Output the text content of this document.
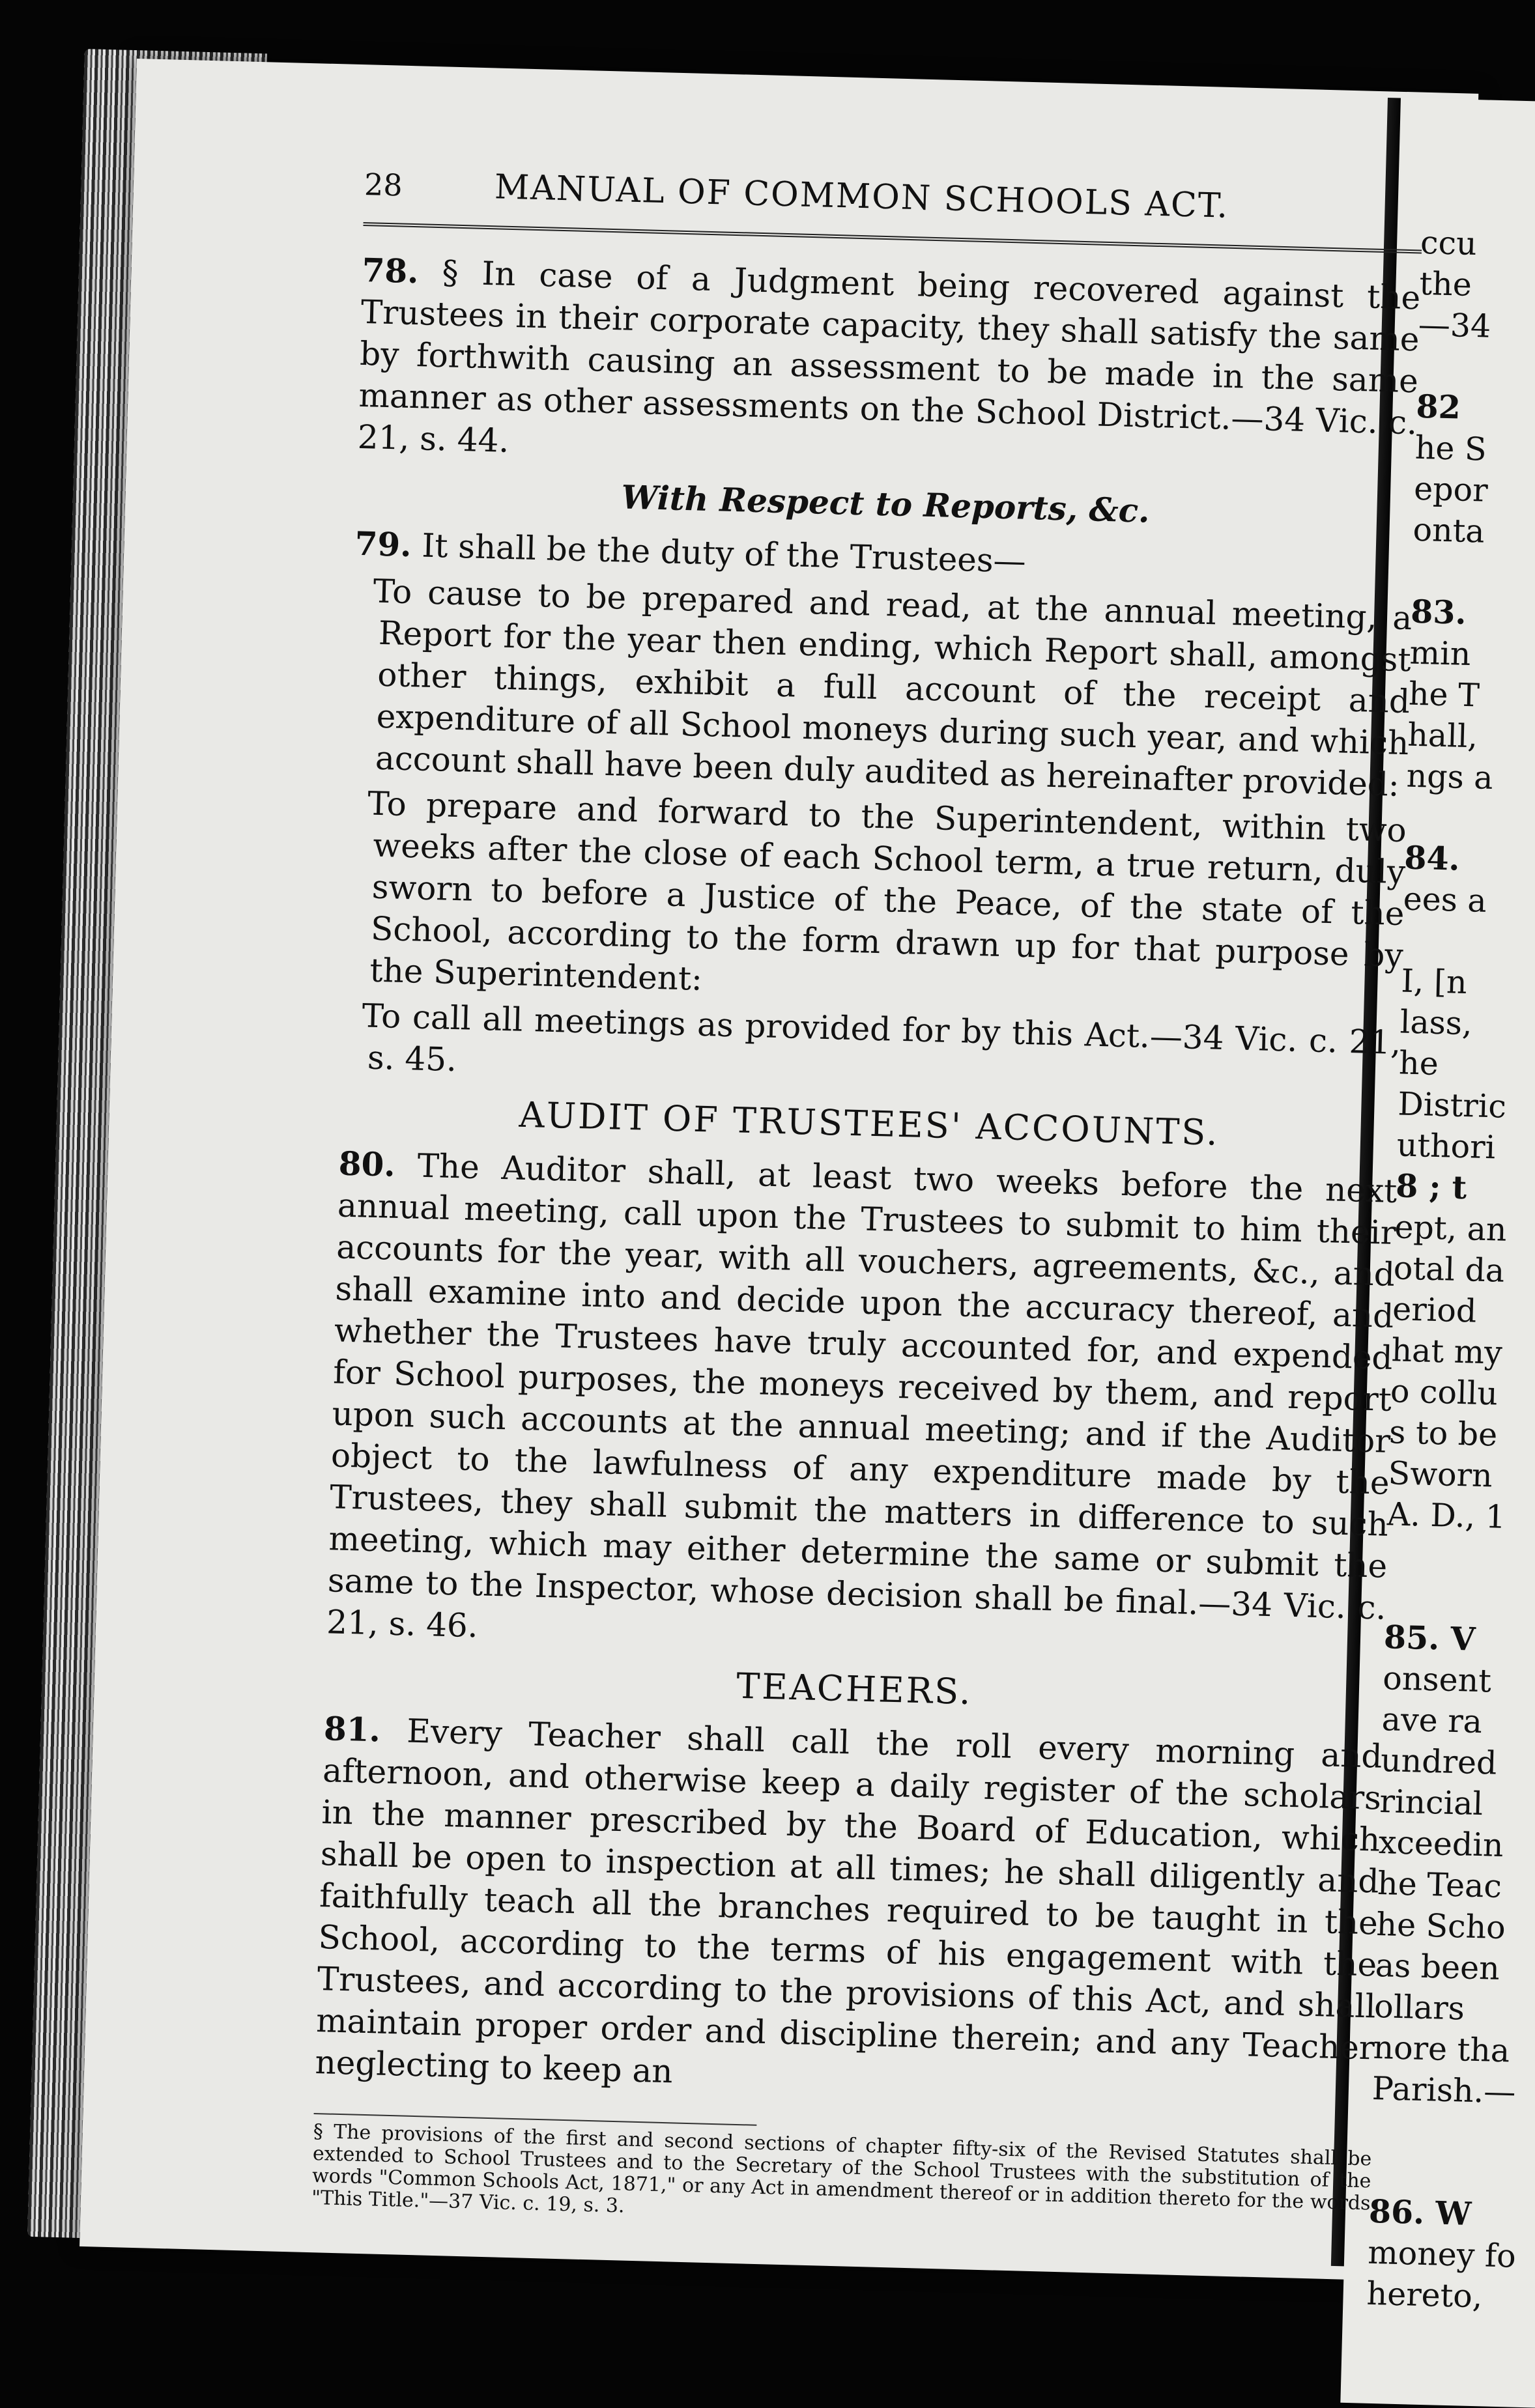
ccu
the
—34

82
he S
epor
onta

83.
min
he T
hall,
ngs a

84.
ees a

I, [n
lass,
he
Distric
uthori
8 ; t
ept, an
otal da
eriod
hat my
o collu
s to be
Sworn
A. D., 1

85. V
onsent
ave ra
undred
rincial
xceedin
he Teac
he Scho
as been
ollars
nore tha
Parish.—

86. W
money fo
hereto,
28	MANUAL OF COMMON SCHOOLS ACT.

78. § In case of a Judgment being recovered against the Trustees in their corporate capacity, they shall satisfy the same by forthwith causing an assessment to be made in the same manner as other assessments on the School District.—34 Vic. c. 21, s. 44.

With Respect to Reports, &c.

79. It shall be the duty of the Trustees—

To cause to be prepared and read, at the annual meeting, a Report for the year then ending, which Report shall, amongst other things, exhibit a full account of the receipt and expenditure of all School moneys during such year, and which account shall have been duly audited as hereinafter provided:

To prepare and forward to the Superintendent, within two weeks after the close of each School term, a true return, duly sworn to before a Justice of the Peace, of the state of the School, according to the form drawn up for that purpose by the Superintendent:

To call all meetings as provided for by this Act.—34 Vic. c. 21, s. 45.

AUDIT OF TRUSTEES' ACCOUNTS.

80. The Auditor shall, at least two weeks before the next annual meeting, call upon the Trustees to submit to him their accounts for the year, with all vouchers, agreements, &c., and shall examine into and decide upon the accuracy thereof, and whether the Trustees have truly accounted for, and expended for School purposes, the moneys received by them, and report upon such accounts at the annual meeting; and if the Auditor object to the lawfulness of any expenditure made by the Trustees, they shall submit the matters in difference to such meeting, which may either determine the same or submit the same to the Inspector, whose decision shall be final.—34 Vic. c. 21, s. 46.

TEACHERS.

81. Every Teacher shall call the roll every morning and afternoon, and otherwise keep a daily register of the scholars in the manner prescribed by the Board of Education, which shall be open to inspection at all times; he shall diligently and faithfully teach all the branches required to be taught in the School, according to the terms of his engagement with the Trustees, and according to the provisions of this Act, and shall maintain proper order and discipline therein; and any Teacher neglecting to keep an

§ The provisions of the first and second sections of chapter fifty-six of the Revised Statutes shall be extended to School Trustees and to the Secretary of the School Trustees with the substitution of the words "Common Schools Act, 1871," or any Act in amendment thereof or in addition thereto for the words "This Title."—37 Vic. c. 19, s. 3.
